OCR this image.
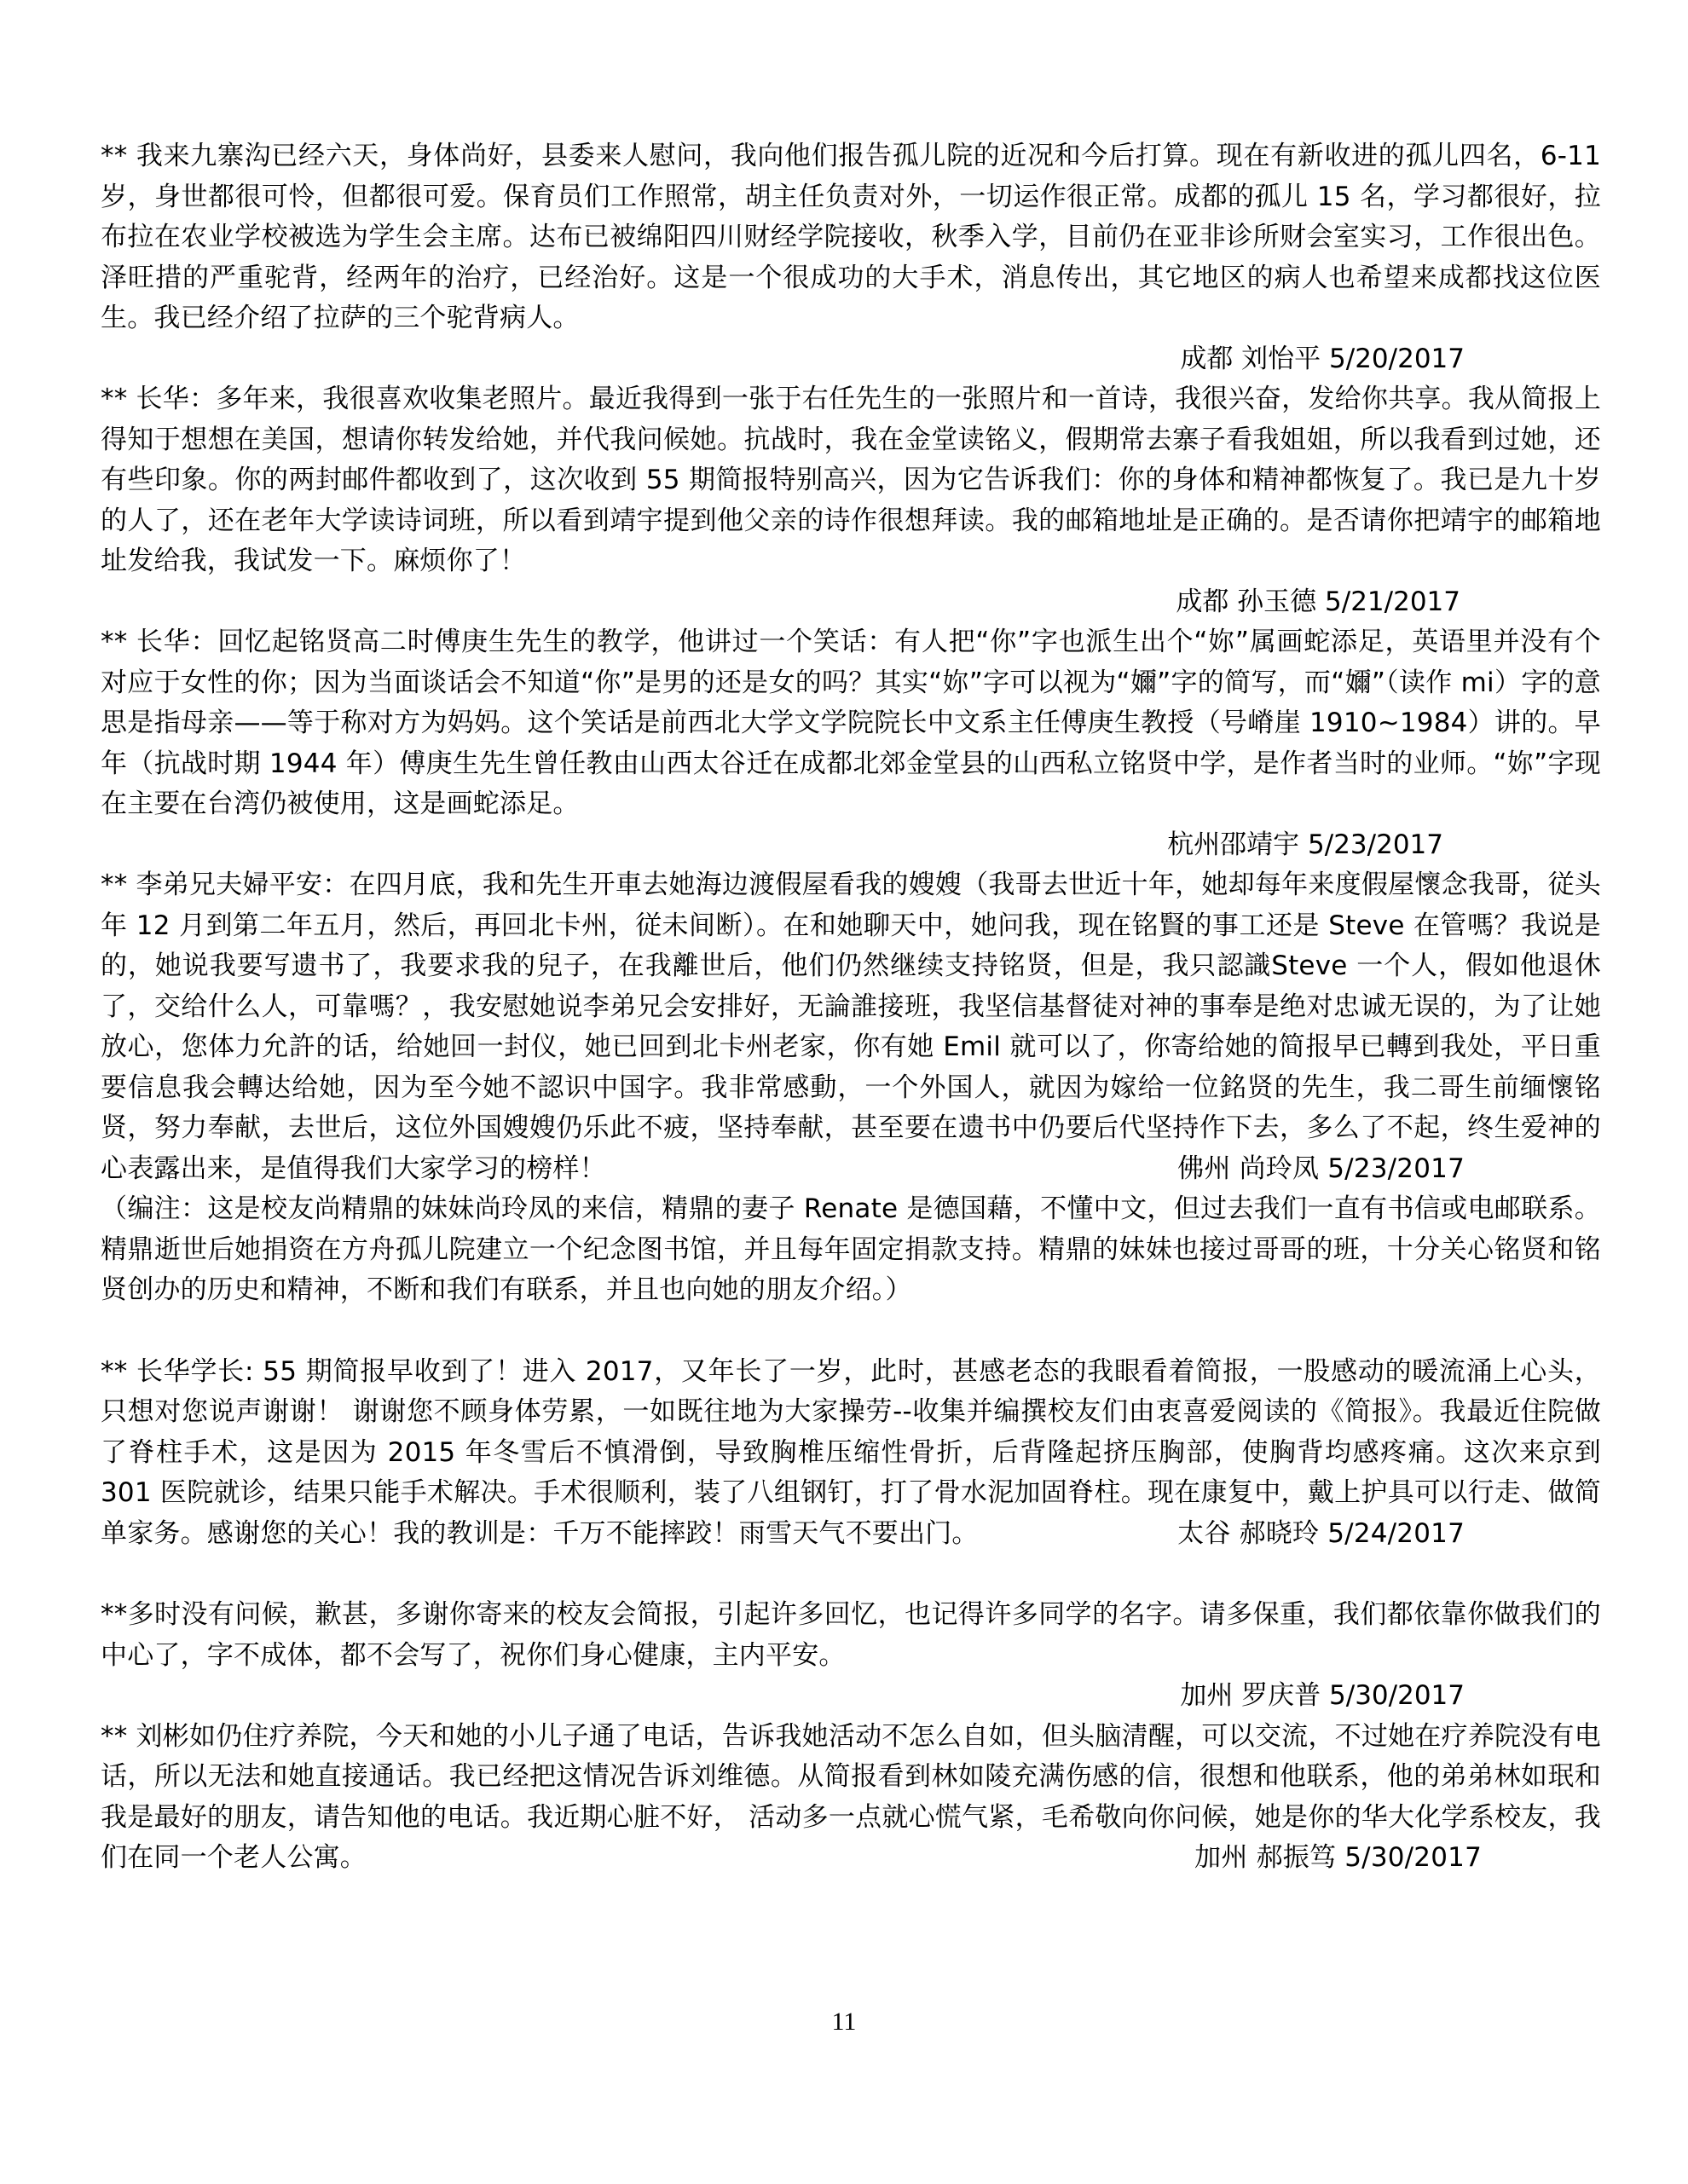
** 我来九寨沟已经六天，身体尚好，县委来人慰问，我向他们报告孤儿院的近况和今后打算。现在有新收进的孤儿四名，6-11 岁，身世都很可怜，但都很可爱。保育员们工作照常，胡主任负责对外，一切运作很正常。成都的孤儿 15 名，学习都很好，拉布拉在农业学校被选为学生会主席。达布已被绵阳四川财经学院接收，秋季入学，目前仍在亚非诊所财会室实习，工作很出色。泽旺措的严重驼背，经两年的治疗，已经治好。这是一个很成功的大手术，消息传出，其它地区的病人也希望来成都找这位医生。我已经介绍了拉萨的三个驼背病人。

成都 刘怡平 5/20/2017

** 长华：多年来，我很喜欢收集老照片。最近我得到一张于右任先生的一张照片和一首诗，我很兴奋，发给你共享。我从简报上得知于想想在美国，想请你转发给她，并代我问候她。抗战时，我在金堂读铭义，假期常去寨子看我姐姐，所以我看到过她，还有些印象。你的两封邮件都收到了，这次收到 55 期简报特别高兴，因为它告诉我们：你的身体和精神都恢复了。我已是九十岁的人了，还在老年大学读诗词班，所以看到靖宇提到他父亲的诗作很想拜读。我的邮箱地址是正确的。是否请你把靖宇的邮箱地址发给我，我试发一下。麻烦你了！

成都 孙玉德 5/21/2017

** 长华：回忆起铭贤高二时傅庚生先生的教学，他讲过一个笑话：有人把“你”字也派生出个“妳”属画蛇添足，英语里并没有个对应于女性的你；因为当面谈话会不知道“你”是男的还是女的吗？其实“妳”字可以视为“嬭”字的简写，而“嬭”（读作 mi）字的意思是指母亲——等于称对方为妈妈。这个笑话是前西北大学文学院院长中文系主任傅庚生教授（号嵴崖 1910~1984）讲的。早年（抗战时期 1944 年）傅庚生先生曾任教由山西太谷迁在成都北郊金堂县的山西私立铭贤中学，是作者当时的业师。“妳”字现在主要在台湾仍被使用，这是画蛇添足。

杭州邵靖宇 5/23/2017

** 李弟兄夫婦平安：在四月底，我和先生开車去她海边渡假屋看我的嫂嫂（我哥去世近十年，她却每年来度假屋懷念我哥，従头年 12 月到第二年五月，然后，再回北卡州，従未间断）。在和她聊天中，她问我，现在铭賢的事工还是 Steve 在管嗎？我说是的，她说我要写遗书了，我要求我的兒子，在我離世后，他们仍然继续支持铭贤，但是，我只認識Steve 一个人，假如他退休了，交给什么人，可靠嗎？，我安慰她说李弟兄会安排好，无論誰接班，我坚信基督徒对神的事奉是绝对忠诚无误的，为了让她放心，您体力允許的话，给她回一封仪，她已回到北卡州老家，你有她 Emil 就可以了，你寄给她的简报早已轉到我处，平日重要信息我会轉达给她，因为至今她不認识中国字。我非常感動，一个外国人，就因为嫁给一位銘贤的先生，我二哥生前缅懷铭贤，努力奉献，去世后，这位外国嫂嫂仍乐此不疲，坚持奉献，甚至要在遗书中仍要后代坚持作下去，多么了不起，终生爱神的心表露出来，是值得我们大家学习的榜样！	佛州 尚玲凤 5/23/2017

（编注：这是校友尚精鼎的妹妹尚玲凤的来信，精鼎的妻子 Renate 是德国藉，不懂中文，但过去我们一直有书信或电邮联系。精鼎逝世后她捐资在方舟孤儿院建立一个纪念图书馆，并且每年固定捐款支持。精鼎的妹妹也接过哥哥的班，十分关心铭贤和铭贤创办的历史和精神，不断和我们有联系，并且也向她的朋友介绍。）

** 长华学长: 55 期简报早收到了！进入 2017，又年长了一岁，此时，甚感老态的我眼看着简报，一股感动的暖流涌上心头，只想对您说声谢谢！ 谢谢您不顾身体劳累，一如既往地为大家操劳--收集并编撰校友们由衷喜爱阅读的《简报》。我最近住院做了脊柱手术，这是因为 2015 年冬雪后不慎滑倒，导致胸椎压缩性骨折，后背隆起挤压胸部，使胸背均感疼痛。这次来京到 301 医院就诊，结果只能手术解决。手术很顺利，装了八组钢钉，打了骨水泥加固脊柱。现在康复中，戴上护具可以行走、做简单家务。感谢您的关心！我的教训是：千万不能摔跤！雨雪天气不要出门。	太谷 郝晓玲 5/24/2017

**多时没有问候，歉甚，多谢你寄来的校友会简报，引起许多回忆，也记得许多同学的名字。请多保重，我们都依靠你做我们的中心了，字不成体，都不会写了，祝你们身心健康，主内平安。

加州 罗庆普 5/30/2017

** 刘彬如仍住疗养院，今天和她的小儿子通了电话，告诉我她活动不怎么自如，但头脑清醒，可以交流，不过她在疗养院没有电话，所以无法和她直接通话。我已经把这情况告诉刘维德。从简报看到林如陵充满伤感的信，很想和他联系，他的弟弟林如珉和我是最好的朋友，请告知他的电话。我近期心脏不好， 活动多一点就心慌气紧，毛希敬向你问候，她是你的华大化学系校友，我们在同一个老人公寓。	加州 郝振笃 5/30/2017

11
